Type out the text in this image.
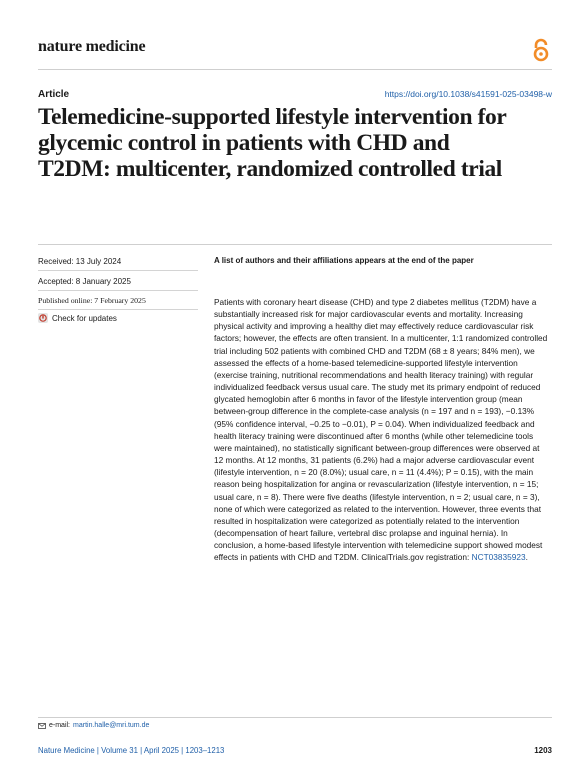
nature medicine
Article	https://doi.org/10.1038/s41591-025-03498-w
Telemedicine-supported lifestyle intervention for glycemic control in patients with CHD and T2DM: multicenter, randomized controlled trial
Received: 13 July 2024
Accepted: 8 January 2025
Published online: 7 February 2025
Check for updates
A list of authors and their affiliations appears at the end of the paper

Patients with coronary heart disease (CHD) and type 2 diabetes mellitus (T2DM) have a substantially increased risk for major cardiovascular events and mortality. Increasing physical activity and improving a healthy diet may effectively reduce cardiovascular risk factors; however, the effects are often transient. In a multicenter, 1:1 randomized controlled trial including 502 patients with combined CHD and T2DM (68 ± 8 years; 84% men), we assessed the effects of a home-based telemedicine-supported lifestyle intervention (exercise training, nutritional recommendations and health literacy training) with regular individualized feedback versus usual care. The study met its primary endpoint of reduced glycated hemoglobin after 6 months in favor of the lifestyle intervention group (mean between-group difference in the complete-case analysis (n = 197 and n = 193), −0.13% (95% confidence interval, −0.25 to −0.01), P = 0.04). When individualized feedback and health literacy training were discontinued after 6 months (while other telemedicine tools were maintained), no statistically significant between-group differences were observed at 12 months. At 12 months, 31 patients (6.2%) had a major adverse cardiovascular event (lifestyle intervention, n = 20 (8.0%); usual care, n = 11 (4.4%); P = 0.15), with the main reason being hospitalization for angina or revascularization (lifestyle intervention, n = 15; usual care, n = 8). There were five deaths (lifestyle intervention, n = 2; usual care, n = 3), none of which were categorized as related to the intervention. However, three events that resulted in hospitalization were categorized as potentially related to the intervention (decompensation of heart failure, vertebral disc prolapse and inguinal hernia). In conclusion, a home-based lifestyle intervention with telemedicine support showed modest effects in patients with CHD and T2DM. ClinicalTrials.gov registration: NCT03835923.

e-mail: martin.halle@mri.tum.de
Nature Medicine | Volume 31 | April 2025 | 1203–1213	1203
